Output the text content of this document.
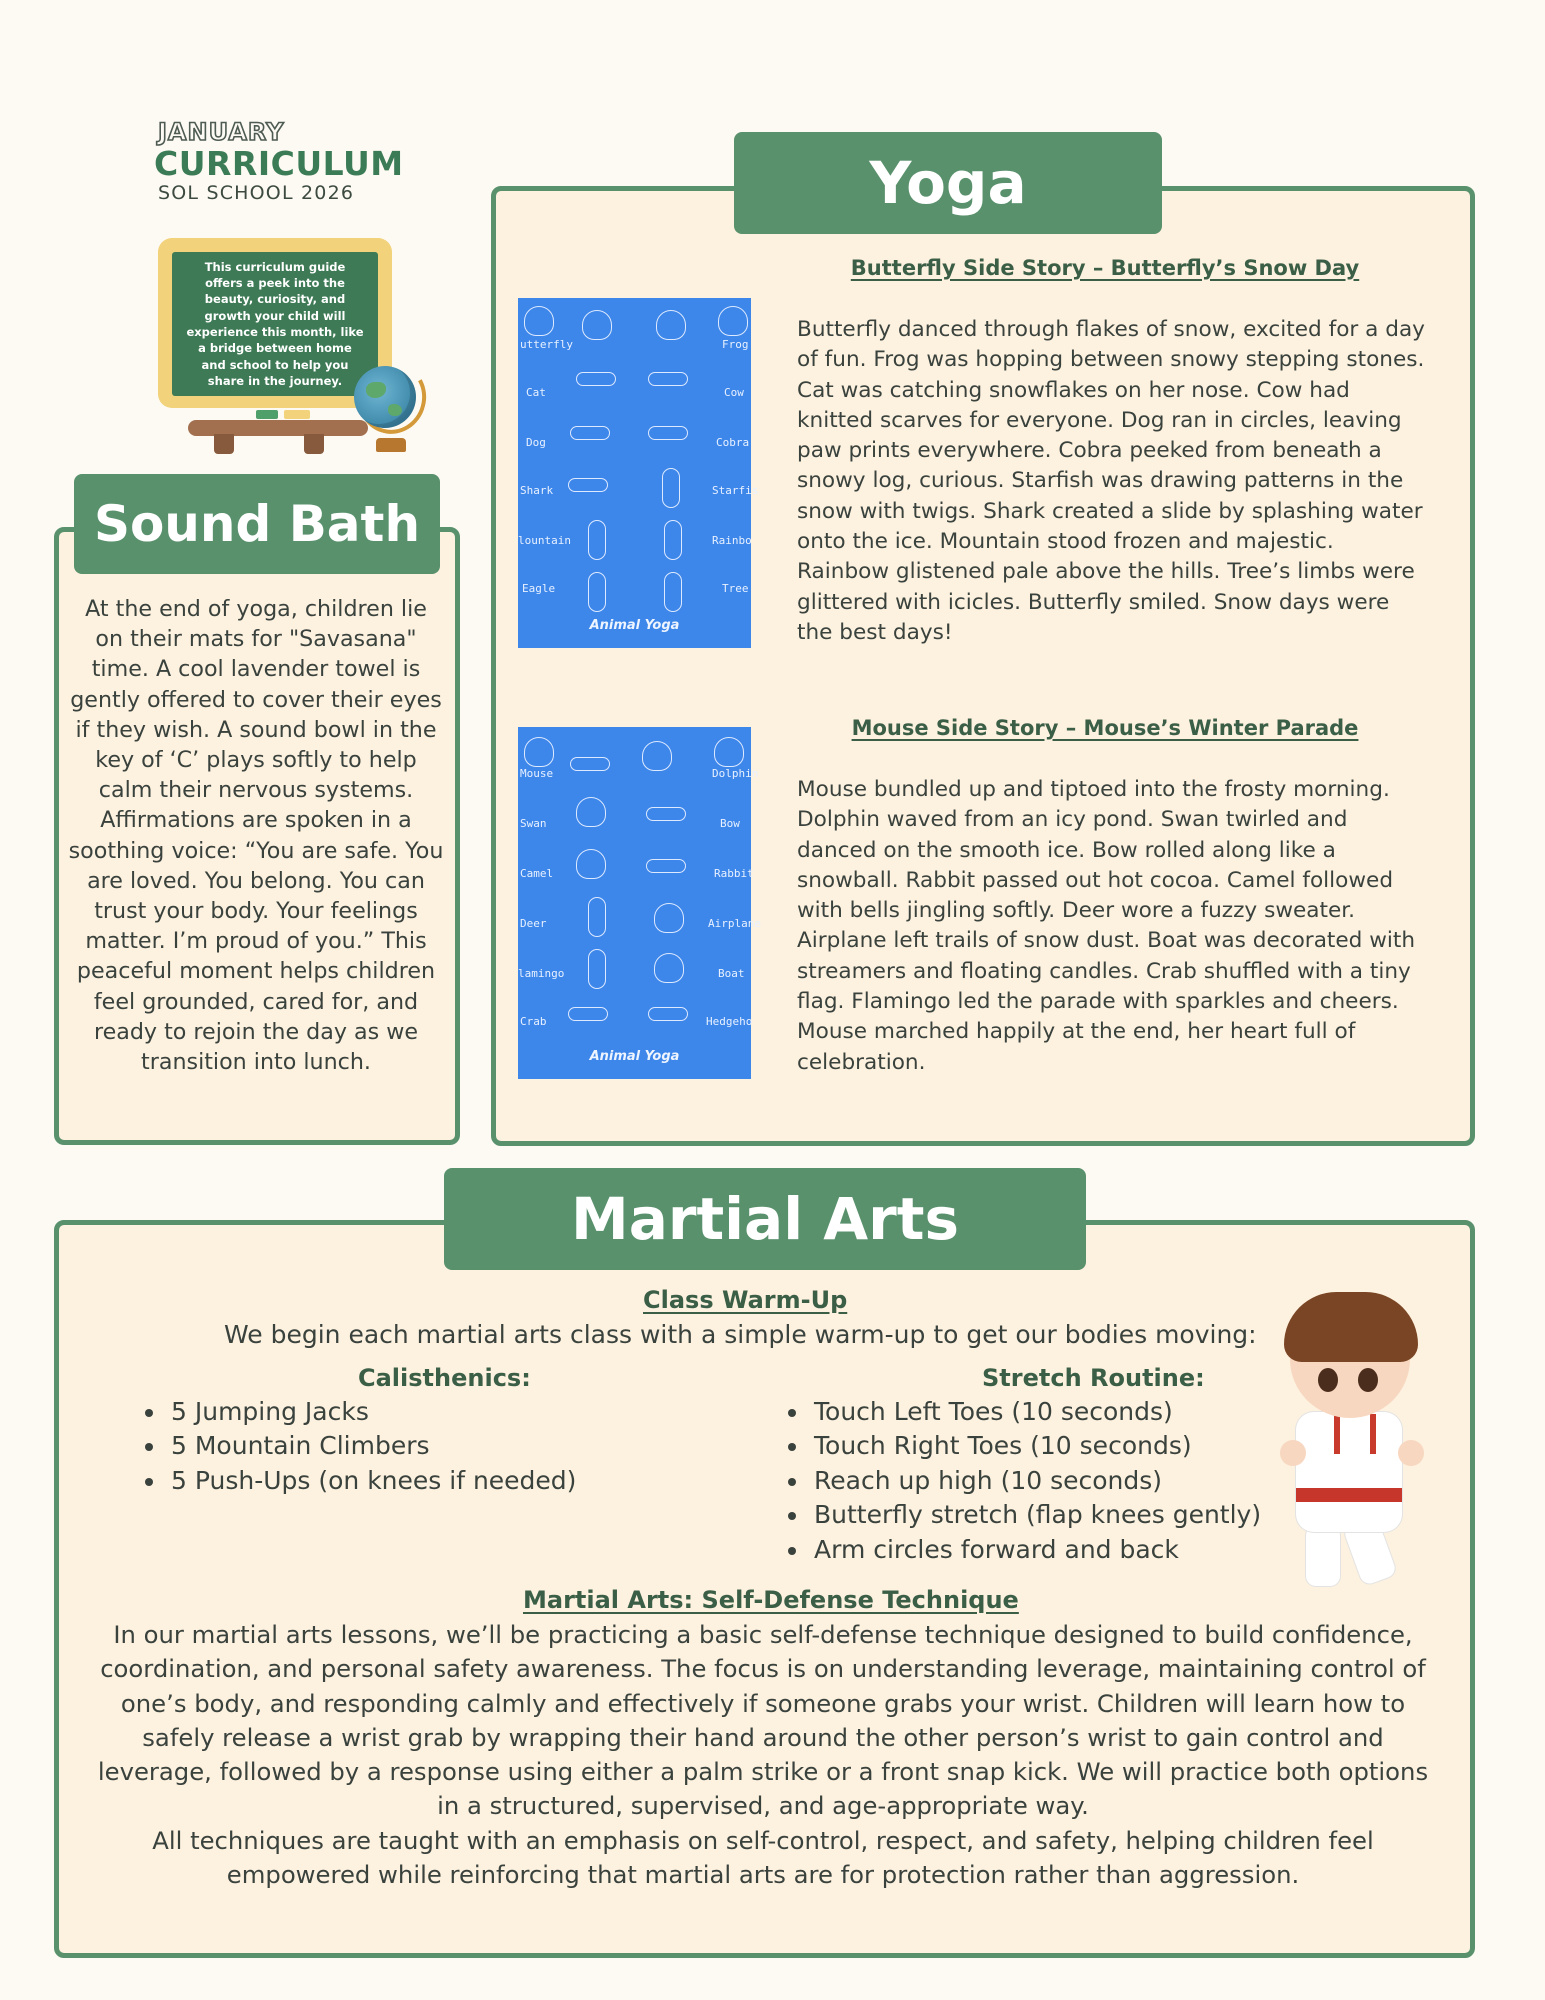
JANUARY
CURRICULUM
SOL SCHOOL 2026
This curriculum guide offers a peek into the beauty, curiosity, and growth your child will experience this month, like a bridge between home and school to help you share in the journey.
Sound Bath
At the end of yoga, children lie on their mats for "Savasana" time. A cool lavender towel is gently offered to cover their eyes if they wish. A sound bowl in the key of ‘C’ plays softly to help calm their nervous systems. Affirmations are spoken in a soothing voice: “You are safe. You are loved. You belong. You can trust your body. Your feelings matter. I’m proud of you.” This peaceful moment helps children feel grounded, cared for, and ready to rejoin the day as we transition into lunch.
Yoga
Butterfly Side Story – Butterfly’s Snow Day
Butterfly danced through flakes of snow, excited for a day of fun. Frog was hopping between snowy stepping stones. Cat was catching snowflakes on her nose. Cow had knitted scarves for everyone. Dog ran in circles, leaving paw prints everywhere. Cobra peeked from beneath a snowy log, curious. Starfish was drawing patterns in the snow with twigs. Shark created a slide by splashing water onto the ice. Mountain stood frozen and majestic. Rainbow glistened pale above the hills. Tree’s limbs were glittered with icicles. Butterfly smiled. Snow days were the best days!
Mouse Side Story – Mouse’s Winter Parade
Mouse bundled up and tiptoed into the frosty morning. Dolphin waved from an icy pond. Swan twirled and danced on the smooth ice. Bow rolled along like a snowball. Rabbit passed out hot cocoa. Camel followed with bells jingling softly. Deer wore a fuzzy sweater. Airplane left trails of snow dust. Boat was decorated with streamers and floating candles. Crab shuffled with a tiny flag. Flamingo led the parade with sparkles and cheers. Mouse marched happily at the end, her heart full of celebration.
utterfly
Cat
Dog
Shark
lountain
Eagle
Frog
Cow
Cobra
Starfis
Rainbo
Tree
Animal Yoga
Mouse
Swan
Camel
Deer
lamingo
Crab
Dolphin
Bow
Rabbit
Airplane
Boat
Hedgeho
Animal Yoga
Martial Arts
Class Warm-Up
We begin each martial arts class with a simple warm-up to get our bodies moving:
Calisthenics:
• 5 Jumping Jacks
• 5 Mountain Climbers
• 5 Push-Ups (on knees if needed)
Stretch Routine:
• Touch Left Toes (10 seconds)
• Touch Right Toes (10 seconds)
• Reach up high (10 seconds)
• Butterfly stretch (flap knees gently)
• Arm circles forward and back
Martial Arts: Self-Defense Technique
In our martial arts lessons, we’ll be practicing a basic self-defense technique designed to build confidence, coordination, and personal safety awareness. The focus is on understanding leverage, maintaining control of one’s body, and responding calmly and effectively if someone grabs your wrist. Children will learn how to safely release a wrist grab by wrapping their hand around the other person’s wrist to gain control and leverage, followed by a response using either a palm strike or a front snap kick. We will practice both options in a structured, supervised, and age-appropriate way.
All techniques are taught with an emphasis on self-control, respect, and safety, helping children feel empowered while reinforcing that martial arts are for protection rather than aggression.
